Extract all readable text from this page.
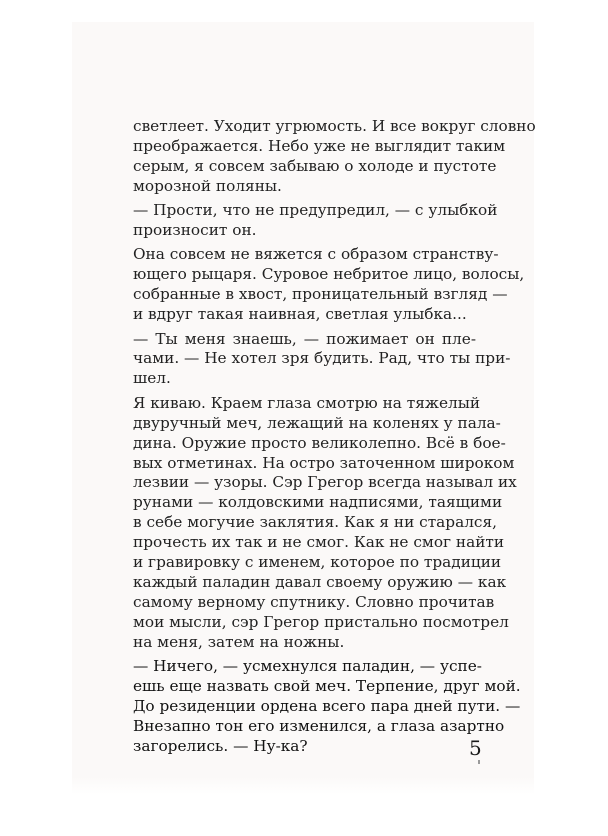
светлеет. Уходит угрюмость. И все вокруг словно
преображается. Небо уже не выглядит таким
серым, я совсем забываю о холоде и пустоте
морозной поляны.
— Прости, что не предупредил, — с улыбкой
произносит он.
Она совсем не вяжется с образом странству-
ющего рыцаря. Суровое небритое лицо, волосы,
собранные в хвост, проницательный взгляд —
и вдруг такая наивная, светлая улыбка...
— Ты меня знаешь, — пожимает он пле-
чами. — Не хотел зря будить. Рад, что ты при-
шел.
Я киваю. Краем глаза смотрю на тяжелый
двуручный меч, лежащий на коленях у пала-
дина. Оружие просто великолепно. Всё в бое-
вых отметинах. На остро заточенном широком
лезвии — узоры. Сэр Грегор всегда называл их
рунами — колдовскими надписями, таящими
в себе могучие заклятия. Как я ни старался,
прочесть их так и не смог. Как не смог найти
и гравировку с именем, которое по традиции
каждый паладин давал своему оружию — как
самому верному спутнику. Словно прочитав
мои мысли, сэр Грегор пристально посмотрел
на меня, затем на ножны.
— Ничего, — усмехнулся паладин, — успе-
ешь еще назвать свой меч. Терпение, друг мой.
До резиденции ордена всего пара дней пути. —
Внезапно тон его изменился, а глаза азартно
загорелись. — Ну-ка?	5
